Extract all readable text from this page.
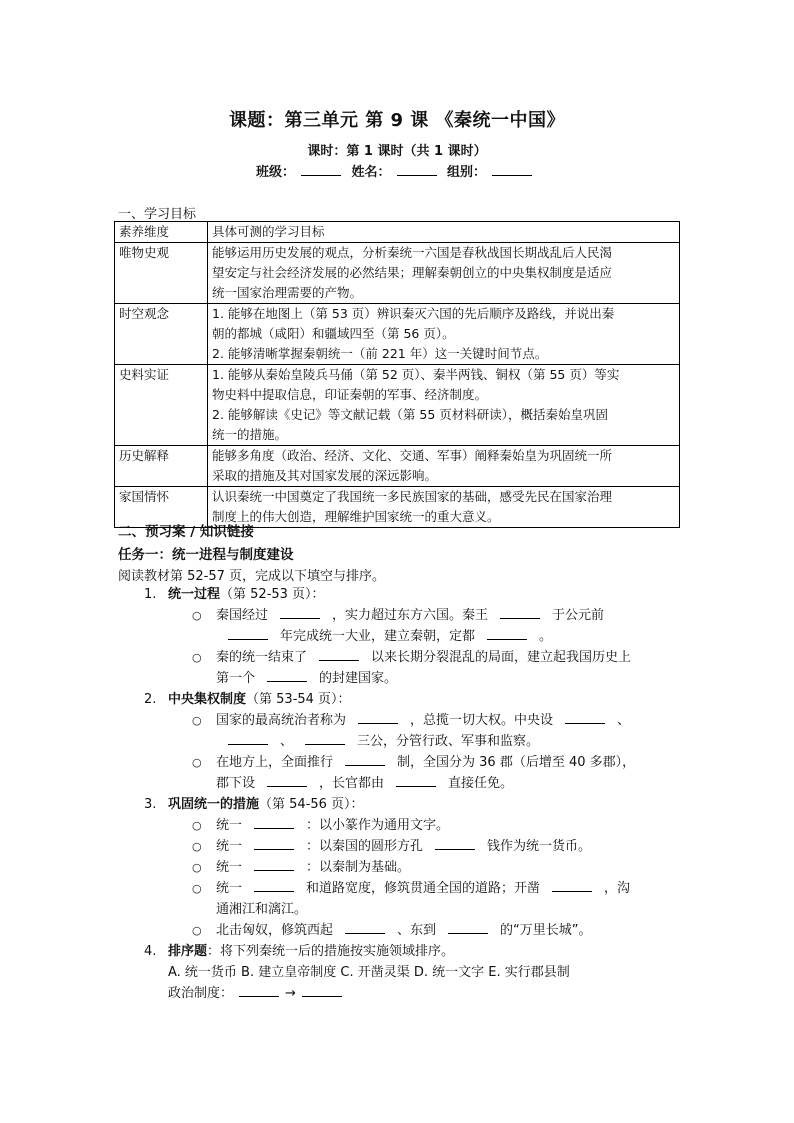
课题：第三单元 第 9 课 《秦统一中国》
课时：第 1 课时（共 1 课时）
班级：	姓名：	组别：
一、学习目标
素养维度	具体可测的学习目标
唯物史观	能够运用历史发展的观点，分析秦统一六国是春秋战国长期战乱后人民渴
望安定与社会经济发展的必然结果；理解秦朝创立的中央集权制度是适应
统一国家治理需要的产物。

时空观念	1. 能够在地图上（第 53 页）辨识秦灭六国的先后顺序及路线，并说出秦
朝的都城（咸阳）和疆域四至（第 56 页）。
2. 能够清晰掌握秦朝统一（前 221 年）这一关键时间节点。

史料实证	1. 能够从秦始皇陵兵马俑（第 52 页）、秦半两钱、铜权（第 55 页）等实
物史料中提取信息，印证秦朝的军事、经济制度。
2. 能够解读《史记》等文献记载（第 55 页材料研读），概括秦始皇巩固
统一的措施。

历史解释	能够多角度（政治、经济、文化、交通、军事）阐释秦始皇为巩固统一所
采取的措施及其对国家发展的深远影响。

家国情怀	认识秦统一中国奠定了我国统一多民族国家的基础，感受先民在国家治理
制度上的伟大创造，理解维护国家统一的重大意义。
二、预习案 / 知识链接
任务一：统一进程与制度建设
阅读教材第 52-57 页，完成以下填空与排序。
1. 统一过程（第 52-53 页）：
○ 秦国经过	，实力超过东方六国。秦王	于公元前
年完成统一大业，建立秦朝，定都	。
○ 秦的统一结束了	以来长期分裂混乱的局面，建立起我国历史上
第一个	的封建国家。
2. 中央集权制度（第 53-54 页）：
○ 国家的最高统治者称为	，总揽一切大权。中央设	、
、	三公，分管行政、军事和监察。
○ 在地方上，全面推行	制，全国分为 36 郡（后增至 40 多郡），
郡下设	，长官都由	直接任免。
3. 巩固统一的措施（第 54-56 页）：
○ 统一	：以小篆作为通用文字。
○ 统一	：以秦国的圆形方孔	钱作为统一货币。
○ 统一	：以秦制为基础。
○ 统一	和道路宽度，修筑贯通全国的道路；开凿	，沟
通湘江和漓江。
○ 北击匈奴，修筑西起	、东到	的“万里长城”。
4. 排序题：将下列秦统一后的措施按实施领域排序。
A. 统一货币 B. 建立皇帝制度 C. 开凿灵渠 D. 统一文字 E. 实行郡县制
政治制度：	→
